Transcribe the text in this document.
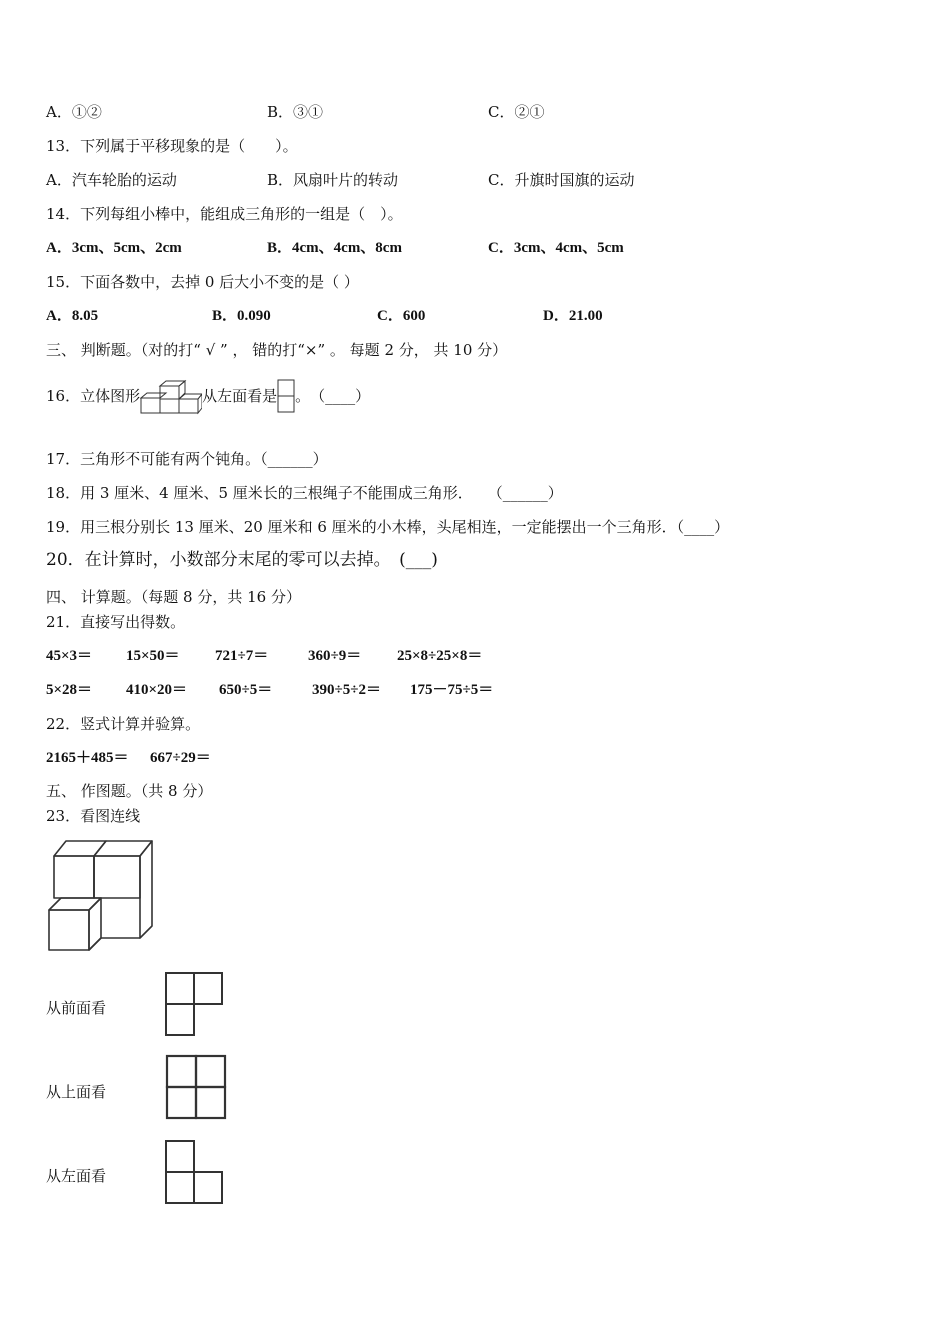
A．①②	B．③①	C．②①
13．下列属于平移现象的是（　　）。
A．汽车轮胎的运动	B．风扇叶片的转动	C．升旗时国旗的运动
14．下列每组小棒中，能组成三角形的一组是（　）。
A．3cm、5cm、2cm	B．4cm、4cm、8cm	C．3cm、4cm、5cm
15．下面各数中，去掉 0 后大小不变的是（ ）
A．8.05	B．0.090	C．600	D．21.00
三、 判断题。（对的打“ √ ” ， 错的打“×” 。 每题 2 分， 共 10 分）
16．立体图形	从左面看是 。　（____）
17．三角形不可能有两个钝角。（______）
18．用 3 厘米、4 厘米、5 厘米长的三根绳子不能围成三角形．　　（______）
19．用三根分别长 13 厘米、20 厘米和 6 厘米的小木棒，头尾相连，一定能摆出一个三角形．（____）
20．在计算时，小数部分末尾的零可以去掉。　(___)
四、 计算题。（每题 8 分，共 16 分）
21．直接写出得数。
45×3＝ 15×50＝ 721÷7＝	360÷9＝ 25×8÷25×8＝
5×28＝ 410×20＝ 650÷5＝	390÷5÷2＝ 175－75÷5＝
22．竖式计算并验算。
2165＋485＝ 667÷29＝
五、 作图题。（共 8 分）
23．看图连线
从前面看
从上面看
从左面看
